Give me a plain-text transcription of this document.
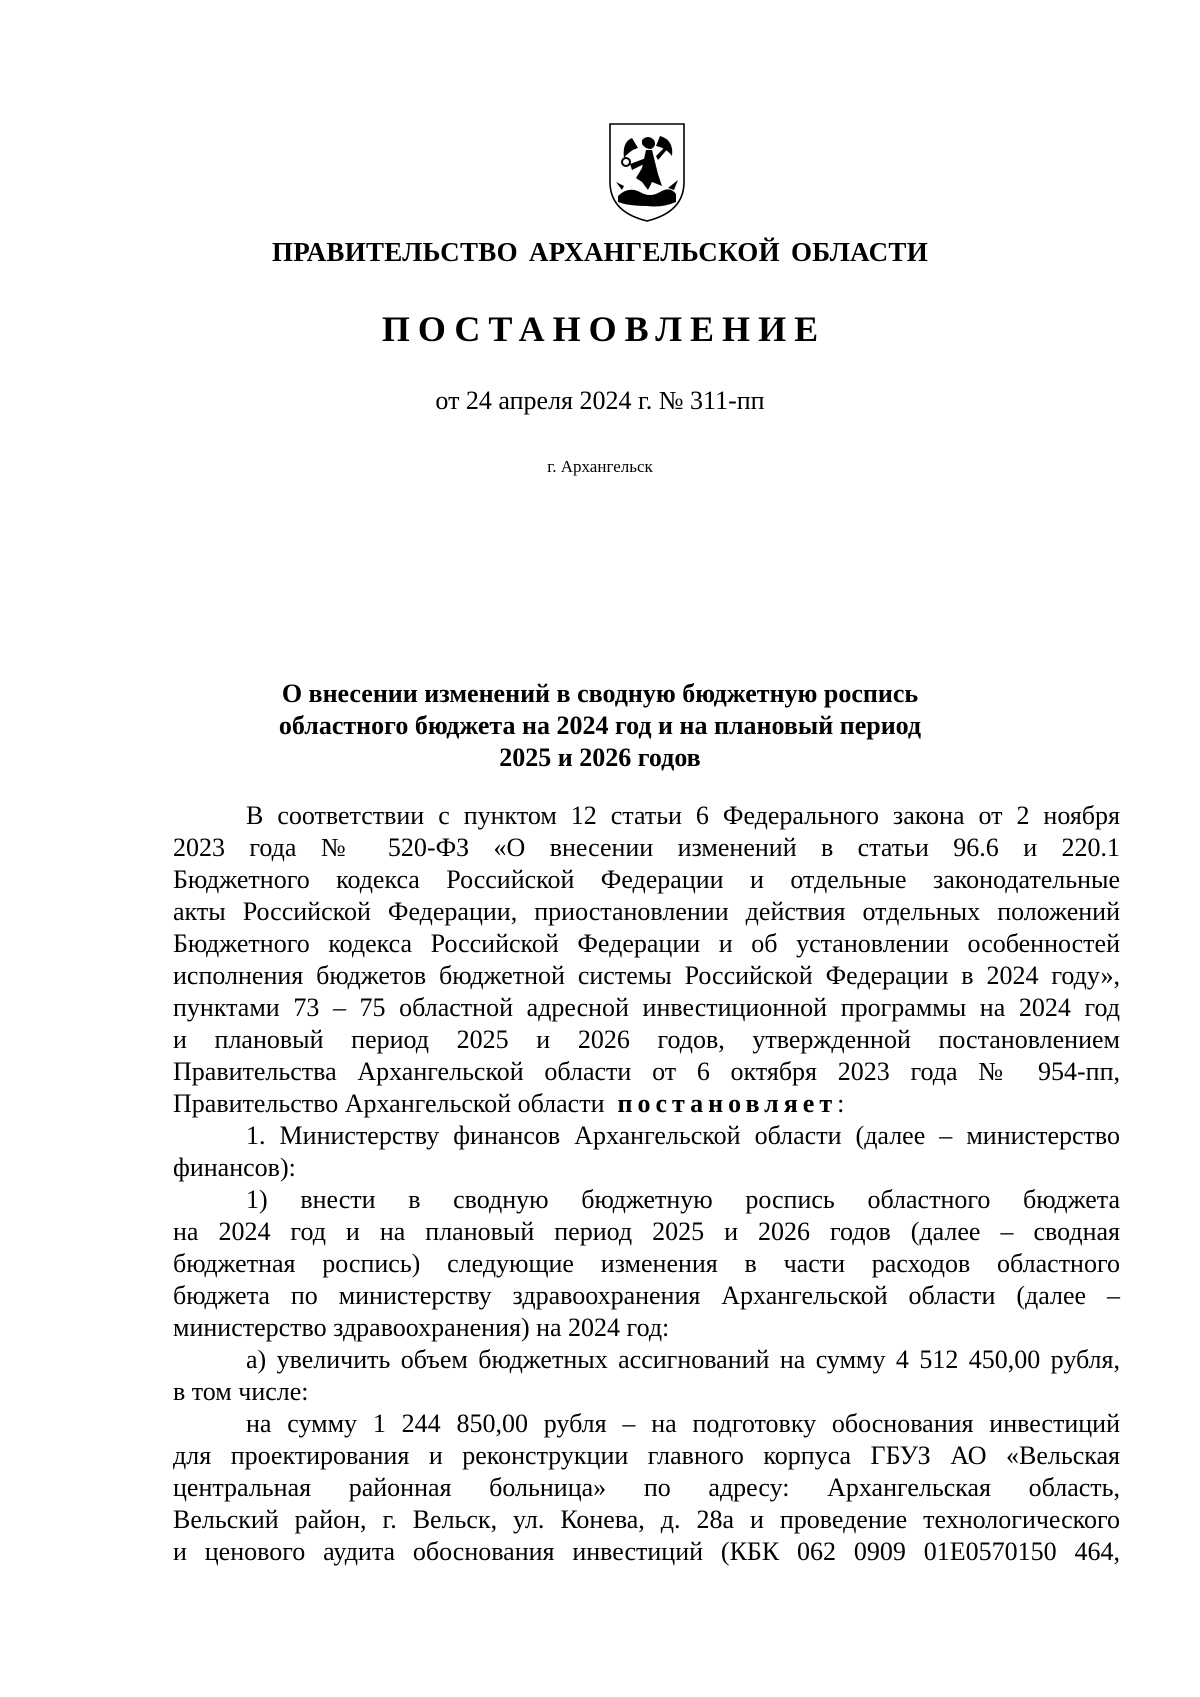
ПРАВИТЕЛЬСТВО АРХАНГЕЛЬСКОЙ ОБЛАСТИ
ПОСТАНОВЛЕНИЕ
от 24 апреля 2024 г. № 311-пп
г. Архангельск
О внесении изменений в сводную бюджетную роспись
областного бюджета на 2024 год и на плановый период
2025 и 2026 годов
В соответствии с пунктом 12 статьи 6 Федерального закона от 2 ноября
2023 года № 520-ФЗ «О внесении изменений в статьи 96.6 и 220.1
Бюджетного кодекса Российской Федерации и отдельные законодательные
акты Российской Федерации, приостановлении действия отдельных положений
Бюджетного кодекса Российской Федерации и об установлении особенностей
исполнения бюджетов бюджетной системы Российской Федерации в 2024 году»,
пунктами 73 – 75 областной адресной инвестиционной программы на 2024 год
и плановый период 2025 и 2026 годов, утвержденной постановлением
Правительства Архангельской области от 6 октября 2023 года № 954-пп,
Правительство Архангельской области постановляет:
1. Министерству финансов Архангельской области (далее – министерство
финансов):
1) внести в сводную бюджетную роспись областного бюджета
на 2024 год и на плановый период 2025 и 2026 годов (далее – сводная
бюджетная роспись) следующие изменения в части расходов областного
бюджета по министерству здравоохранения Архангельской области (далее –
министерство здравоохранения) на 2024 год:
а) увеличить объем бюджетных ассигнований на сумму 4 512 450,00 рубля,
в том числе:
на сумму 1 244 850,00 рубля – на подготовку обоснования инвестиций
для проектирования и реконструкции главного корпуса ГБУЗ АО «Вельская
центральная районная больница» по адресу: Архангельская область,
Вельский район, г. Вельск, ул. Конева, д. 28а и проведение технологического
и ценового аудита обоснования инвестиций (КБК 062 0909 01Е0570150 464,
